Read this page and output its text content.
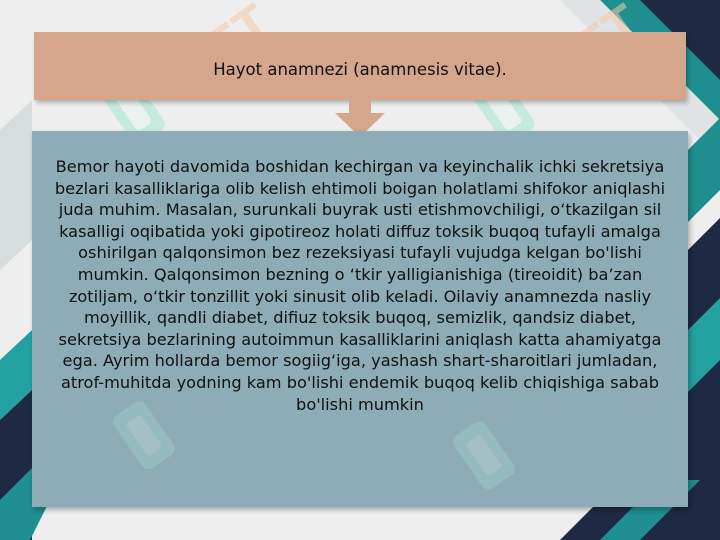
Hayot anamnezi (anamnesis vitae).
Bemor hayoti davomida boshidan kechirgan va keyinchalik ichki sekretsiya bezlari kasalliklariga olib kelish ehtimoli boigan holatlami shifokor aniqlashi juda muhim. Masalan, surunkali buyrak usti etishmovchiligi, o‘tkazilgan sil kasalligi oqibatida yoki gipotireoz holati diffuz toksik buqoq tufayli amalga oshirilgan qalqonsimon bez rezeksiyasi tufayli vujudga kelgan bo'lishi mumkin. Qalqonsimon bezning o ‘tkir yalligianishiga (tireoidit) ba’zan zotiljam, o‘tkir tonzillit yoki sinusit olib keladi. Oilaviy anamnezda nasliy moyillik, qandli diabet, difiuz toksik buqoq, semizlik, qandsiz diabet, sekretsiya bezlarining autoimmun kasalliklarini aniqlash katta ahamiyatga ega. Ayrim hollarda bemor sogiig‘iga, yashash shart-sharoitlari jumladan, atrof-muhitda yodning kam bo'lishi endemik buqoq kelib chiqishiga sabab bo'lishi mumkin
